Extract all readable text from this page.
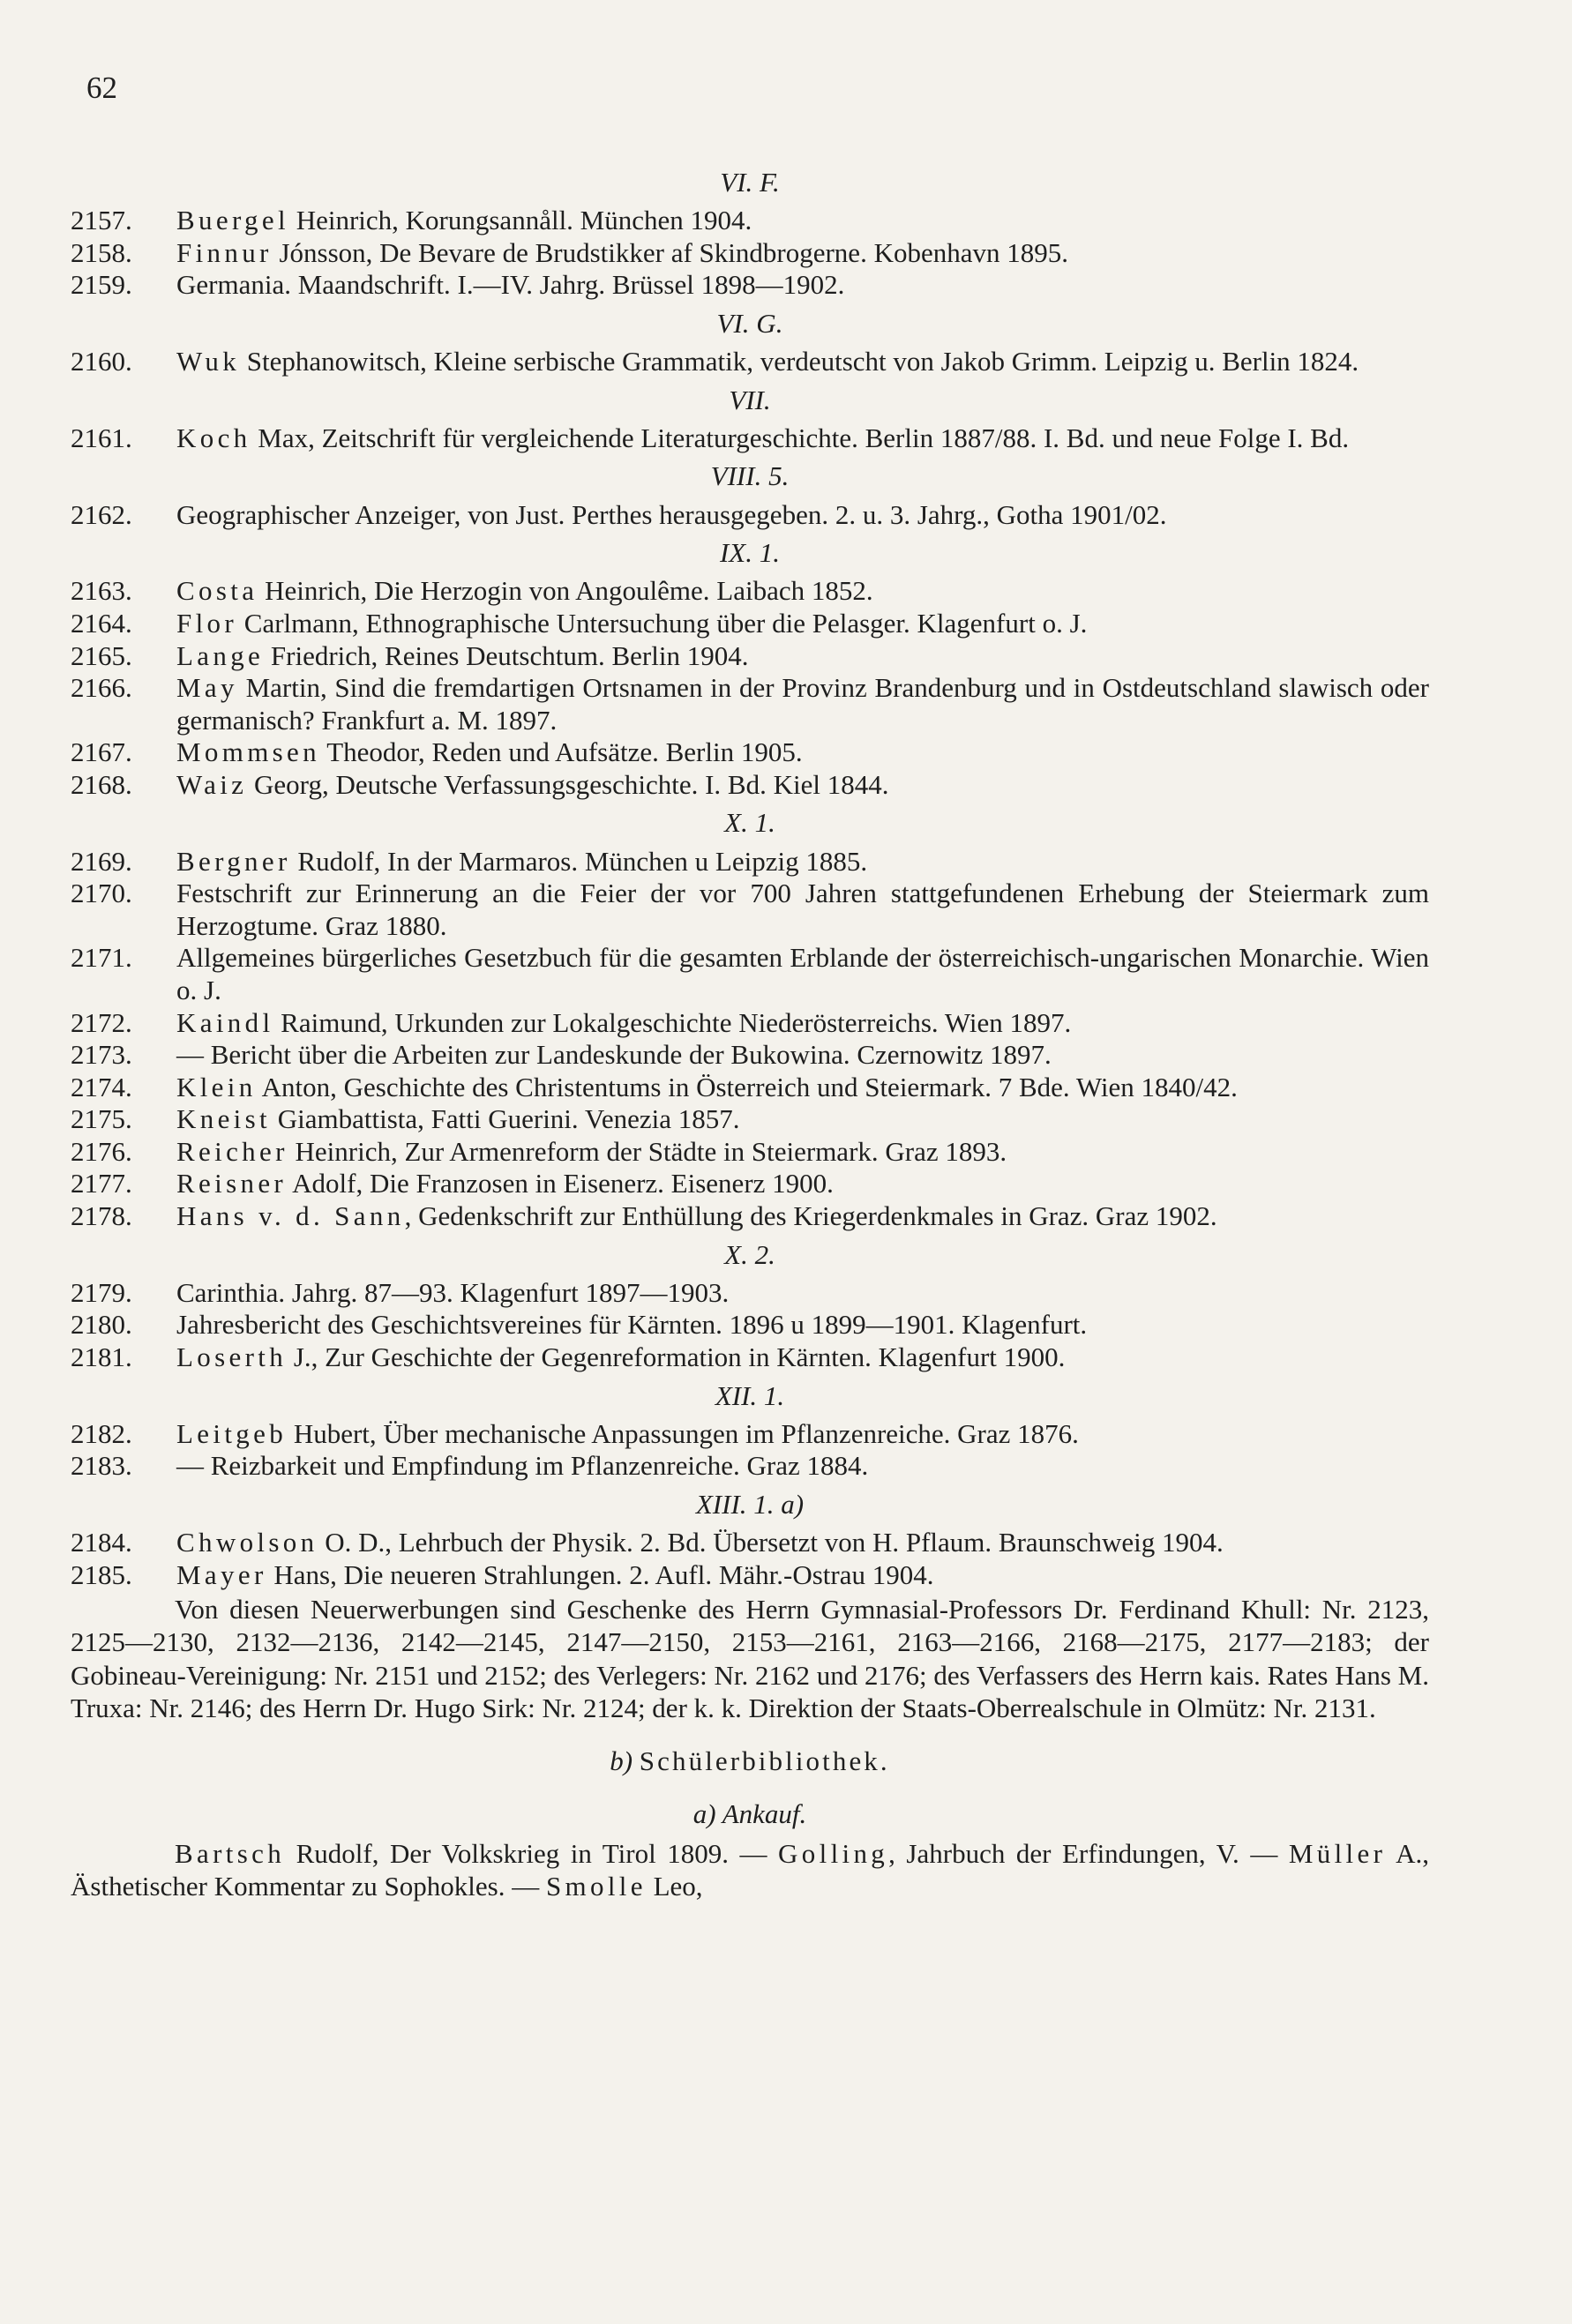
62
VI. F.
2157.	Buergel Heinrich, Korungsannåll. München 1904.
2158.	Finnur Jónsson, De Bevare de Brudstikker af Skindbrogerne. Kobenhavn 1895.
2159.	Germania. Maandschrift. I.—IV. Jahrg. Brüssel 1898—1902.
VI. G.
2160.	Wuk Stephanowitsch, Kleine serbische Grammatik, verdeutscht von Jakob Grimm. Leipzig u. Berlin 1824.
VII.
2161.	Koch Max, Zeitschrift für vergleichende Literaturgeschichte. Berlin 1887/88. I. Bd. und neue Folge I. Bd.
VIII. 5.
2162.	Geographischer Anzeiger, von Just. Perthes herausgegeben. 2. u. 3. Jahrg., Gotha 1901/02.
IX. 1.
2163.	Costa Heinrich, Die Herzogin von Angoulême. Laibach 1852.
2164.	Flor Carlmann, Ethnographische Untersuchung über die Pelasger. Klagenfurt o. J.
2165.	Lange Friedrich, Reines Deutschtum. Berlin 1904.
2166.	May Martin, Sind die fremdartigen Ortsnamen in der Provinz Brandenburg und in Ostdeutschland slawisch oder germanisch? Frankfurt a. M. 1897.
2167.	Mommsen Theodor, Reden und Aufsätze. Berlin 1905.
2168.	Waiz Georg, Deutsche Verfassungsgeschichte. I. Bd. Kiel 1844.
X. 1.
2169.	Bergner Rudolf, In der Marmaros. München u Leipzig 1885.
2170.	Festschrift zur Erinnerung an die Feier der vor 700 Jahren stattgefundenen Erhebung der Steiermark zum Herzogtume. Graz 1880.
2171.	Allgemeines bürgerliches Gesetzbuch für die gesamten Erblande der österreichisch-ungarischen Monarchie. Wien o. J.
2172.	Kaindl Raimund, Urkunden zur Lokalgeschichte Niederösterreichs. Wien 1897.
2173.	— Bericht über die Arbeiten zur Landeskunde der Bukowina. Czernowitz 1897.
2174.	Klein Anton, Geschichte des Christentums in Österreich und Steiermark. 7 Bde. Wien 1840/42.
2175.	Kneist Giambattista, Fatti Guerini. Venezia 1857.
2176.	Reicher Heinrich, Zur Armenreform der Städte in Steiermark. Graz 1893.
2177.	Reisner Adolf, Die Franzosen in Eisenerz. Eisenerz 1900.
2178.	Hans v. d. Sann, Gedenkschrift zur Enthüllung des Kriegerdenkmales in Graz. Graz 1902.
X. 2.
2179.	Carinthia. Jahrg. 87—93. Klagenfurt 1897—1903.
2180.	Jahresbericht des Geschichtsvereines für Kärnten. 1896 u 1899—1901. Klagenfurt.
2181.	Loserth J., Zur Geschichte der Gegenreformation in Kärnten. Klagenfurt 1900.
XII. 1.
2182.	Leitgeb Hubert, Über mechanische Anpassungen im Pflanzenreiche. Graz 1876.
2183.	— Reizbarkeit und Empfindung im Pflanzenreiche. Graz 1884.
XIII. 1. a)
2184.	Chwolson O. D., Lehrbuch der Physik. 2. Bd. Übersetzt von H. Pflaum. Braunschweig 1904.
2185.	Mayer Hans, Die neueren Strahlungen. 2. Aufl. Mähr.-Ostrau 1904.
Von diesen Neuerwerbungen sind Geschenke des Herrn Gymnasial-Professors Dr. Ferdinand Khull: Nr. 2123, 2125—2130, 2132—2136, 2142—2145, 2147—2150, 2153—2161, 2163—2166, 2168—2175, 2177—2183; der Gobineau-Vereinigung: Nr. 2151 und 2152; des Verlegers: Nr. 2162 und 2176; des Verfassers des Herrn kais. Rates Hans M. Truxa: Nr. 2146; des Herrn Dr. Hugo Sirk: Nr. 2124; der k. k. Direktion der Staats-Oberrealschule in Olmütz: Nr. 2131.
b) Schülerbibliothek.
a) Ankauf.
Bartsch Rudolf, Der Volkskrieg in Tirol 1809. — Golling, Jahrbuch der Erfindungen, V. — Müller A., Ästhetischer Kommentar zu Sophokles. — Smolle Leo,
